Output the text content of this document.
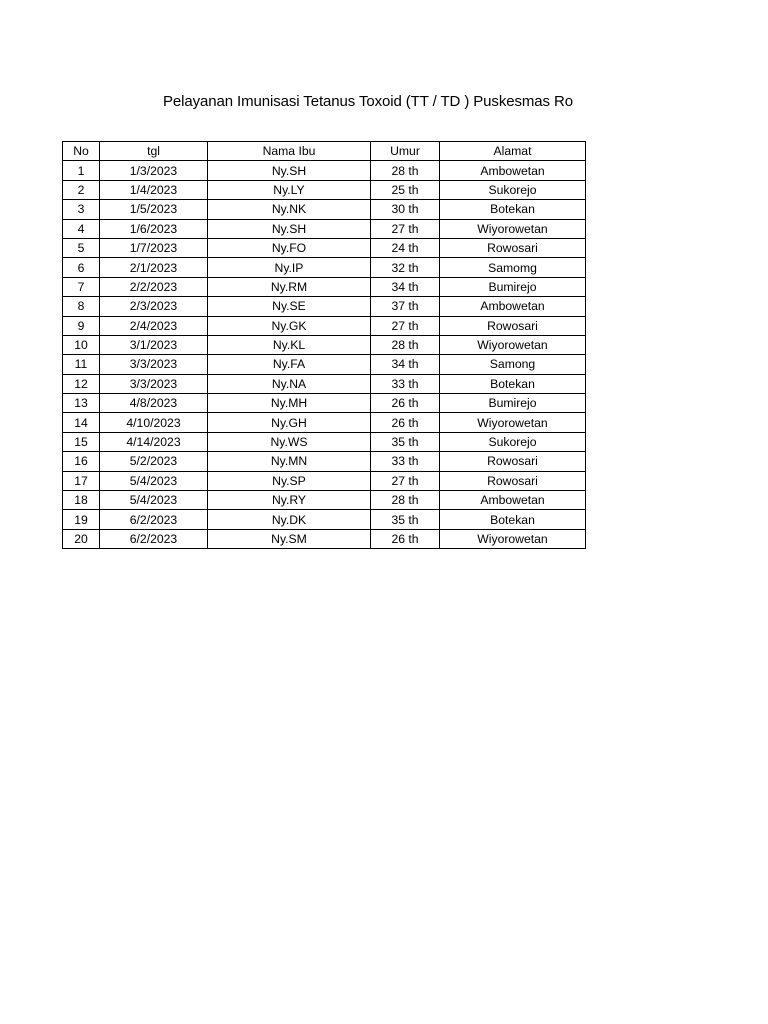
Pelayanan Imunisasi Tetanus Toxoid (TT / TD ) Puskesmas Ro
No	tgl	Nama Ibu	Umur	Alamat
1	1/3/2023	Ny.SH	28 th	Ambowetan
2	1/4/2023	Ny.LY	25 th	Sukorejo
3	1/5/2023	Ny.NK	30 th	Botekan
4	1/6/2023	Ny.SH	27 th	Wiyorowetan
5	1/7/2023	Ny.FO	24 th	Rowosari
6	2/1/2023	Ny.IP	32 th	Samomg
7	2/2/2023	Ny.RM	34 th	Bumirejo
8	2/3/2023	Ny.SE	37 th	Ambowetan
9	2/4/2023	Ny.GK	27 th	Rowosari
10	3/1/2023	Ny.KL	28 th	Wiyorowetan
11	3/3/2023	Ny.FA	34 th	Samong
12	3/3/2023	Ny.NA	33 th	Botekan
13	4/8/2023	Ny.MH	26 th	Bumirejo
14	4/10/2023	Ny.GH	26 th	Wiyorowetan
15	4/14/2023	Ny.WS	35 th	Sukorejo
16	5/2/2023	Ny.MN	33 th	Rowosari
17	5/4/2023	Ny.SP	27 th	Rowosari
18	5/4/2023	Ny.RY	28 th	Ambowetan
19	6/2/2023	Ny.DK	35 th	Botekan
20	6/2/2023	Ny.SM	26 th	Wiyorowetan
